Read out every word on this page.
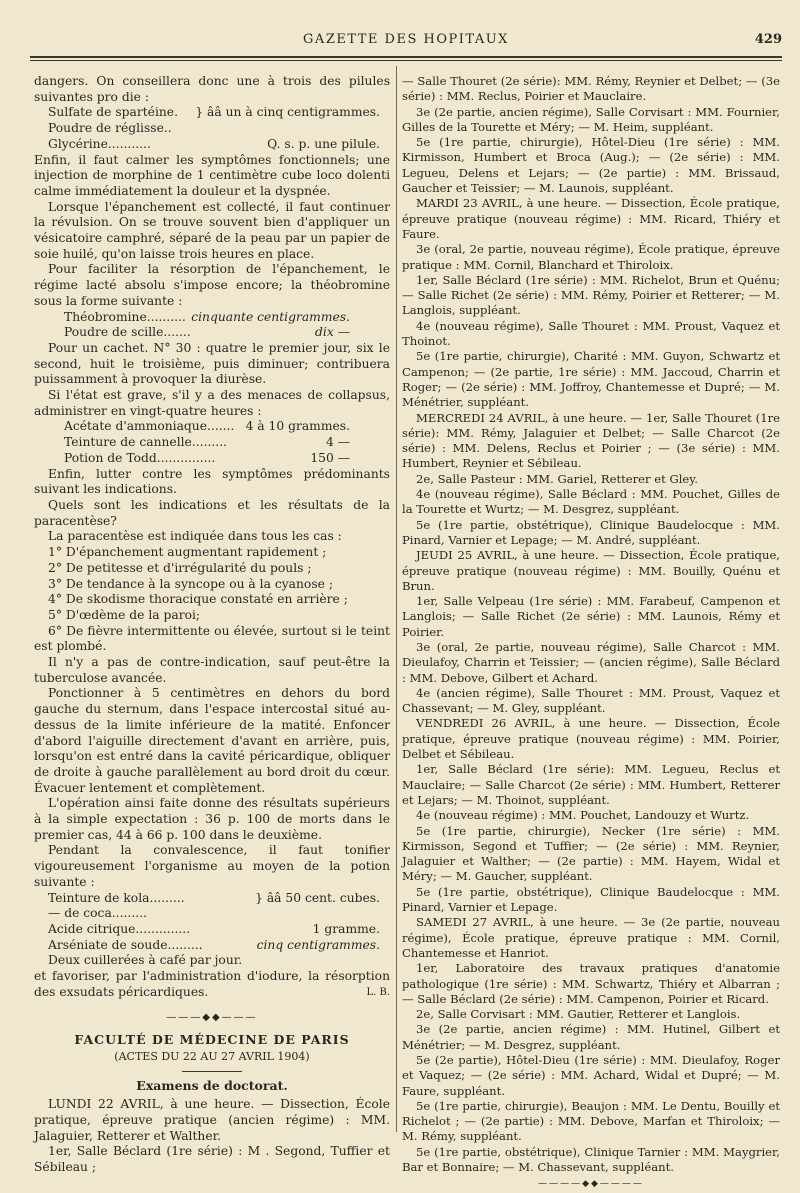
GAZETTE DES HOPITAUX	429

dangers. On conseillera donc une à trois des pilules suivantes pro die :

Sulfate de spartéine. } ââ un à cinq centigrammes.
Poudre de réglisse..
Glycérine...........	Q. s. p. une pilule.

Enfin, il faut calmer les symptômes fonctionnels; une injection de morphine de 1 centimètre cube loco dolenti calme immédiatement la douleur et la dyspnée.

Lorsque l'épanchement est collecté, il faut continuer la révulsion. On se trouve souvent bien d'appliquer un vésicatoire camphré, séparé de la peau par un papier de soie huilé, qu'on laisse trois heures en place.

Pour faciliter la résorption de l'épanchement, le régime lacté absolu s'impose encore; la théobromine sous la forme suivante :

Théobromine.......... cinquante centigrammes.
Poudre de scille.......	dix —

Pour un cachet. N° 30 : quatre le premier jour, six le second, huit le troisième, puis diminuer; contribuera puissamment à provoquer la diurèse.

Si l'état est grave, s'il y a des menaces de collapsus, administrer en vingt-quatre heures :

Acétate d'ammoniaque....... 4 à 10 grammes.
Teinture de cannelle.........	4 —
Potion de Todd...............	150 —

Enfin, lutter contre les symptômes prédominants suivant les indications.

Quels sont les indications et les résultats de la paracentèse?

La paracentèse est indiquée dans tous les cas :

1° D'épanchement augmentant rapidement ;

2° De petitesse et d'irrégularité du pouls ;

3° De tendance à la syncope ou à la cyanose ;

4° De skodisme thoracique constaté en arrière ;

5° D'œdème de la paroi;

6° De fièvre intermittente ou élevée, surtout si le teint est plombé.

Il n'y a pas de contre-indication, sauf peut-être la tuberculose avancée.

Ponctionner à 5 centimètres en dehors du bord gauche du sternum, dans l'espace intercostal situé au-dessus de la limite inférieure de la matité. Enfoncer d'abord l'aiguille directement d'avant en arrière, puis, lorsqu'on est entré dans la cavité péricardique, obliquer de droite à gauche parallèlement au bord droit du cœur. Évacuer lentement et complètement.

L'opération ainsi faite donne des résultats supérieurs à la simple expectation : 36 p. 100 de morts dans le premier cas, 44 à 66 p. 100 dans le deuxième.

Pendant la convalescence, il faut tonifier vigoureusement l'organisme au moyen de la potion suivante :

Teinture de kola.........	} ââ 50 cent. cubes.
— de coca.........
Acide citrique..............	1 gramme.
Arséniate de soude.........	cinq centigrammes.

Deux cuillerées à café par jour.

et favoriser, par l'administration d'iodure, la résorption des exsudats péricardiques.	L. B.

———◆◆———
FACULTÉ DE MÉDECINE DE PARIS
(ACTES DU 22 AU 27 AVRIL 1904)
Examens de doctorat.

LUNDI 22 AVRIL, à une heure. — Dissection, École pratique, épreuve pratique (ancien régime) : MM. Jalaguier, Retterer et Walther.

1er, Salle Béclard (1re série) : M . Segond, Tuffier et Sébileau ;

— Salle Thouret (2e série): MM. Rémy, Reynier et Delbet; — (3e série) : MM. Reclus, Poirier et Mauclaire.

3e (2e partie, ancien régime), Salle Corvisart : MM. Fournier, Gilles de la Tourette et Méry; — M. Heim, suppléant.

5e (1re partie, chirurgie), Hôtel-Dieu (1re série) : MM. Kirmisson, Humbert et Broca (Aug.); — (2e série) : MM. Legueu, Delens et Lejars; — (2e partie) : MM. Brissaud, Gaucher et Teissier; — M. Launois, suppléant.

MARDI 23 AVRIL, à une heure. — Dissection, École pratique, épreuve pratique (nouveau régime) : MM. Ricard, Thiéry et Faure.

3e (oral, 2e partie, nouveau régime), École pratique, épreuve pratique : MM. Cornil, Blanchard et Thiroloix.

1er, Salle Béclard (1re série) : MM. Richelot, Brun et Quénu; — Salle Richet (2e série) : MM. Rémy, Poirier et Retterer; — M. Langlois, suppléant.

4e (nouveau régime), Salle Thouret : MM. Proust, Vaquez et Thoinot.

5e (1re partie, chirurgie), Charité : MM. Guyon, Schwartz et Campenon; — (2e partie, 1re série) : MM. Jaccoud, Charrin et Roger; — (2e série) : MM. Joffroy, Chantemesse et Dupré; — M. Ménétrier, suppléant.

MERCREDI 24 AVRIL, à une heure. — 1er, Salle Thouret (1re série): MM. Rémy, Jalaguier et Delbet; — Salle Charcot (2e série) : MM. Delens, Reclus et Poirier ; — (3e série) : MM. Humbert, Reynier et Sébileau.

2e, Salle Pasteur : MM. Gariel, Retterer et Gley.

4e (nouveau régime), Salle Béclard : MM. Pouchet, Gilles de la Tourette et Wurtz; — M. Desgrez, suppléant.

5e (1re partie, obstétrique), Clinique Baudelocque : MM. Pinard, Varnier et Lepage; — M. André, suppléant.

JEUDI 25 AVRIL, à une heure. — Dissection, École pratique, épreuve pratique (nouveau régime) : MM. Bouilly, Quénu et Brun.

1er, Salle Velpeau (1re série) : MM. Farabeuf, Campenon et Langlois; — Salle Richet (2e série) : MM. Launois, Rémy et Poirier.

3e (oral, 2e partie, nouveau régime), Salle Charcot : MM. Dieulafoy, Charrin et Teissier; — (ancien régime), Salle Béclard : MM. Debove, Gilbert et Achard.

4e (ancien régime), Salle Thouret : MM. Proust, Vaquez et Chassevant; — M. Gley, suppléant.

VENDREDI 26 AVRIL, à une heure. — Dissection, École pratique, épreuve pratique (nouveau régime) : MM. Poirier, Delbet et Sébileau.

1er, Salle Béclard (1re série): MM. Legueu, Reclus et Mauclaire; — Salle Charcot (2e série) : MM. Humbert, Retterer et Lejars; — M. Thoinot, suppléant.

4e (nouveau régime) : MM. Pouchet, Landouzy et Wurtz.

5e (1re partie, chirurgie), Necker (1re série) : MM. Kirmisson, Segond et Tuffier; — (2e série) : MM. Reynier, Jalaguier et Walther; — (2e partie) : MM. Hayem, Widal et Méry; — M. Gaucher, suppléant.

5e (1re partie, obstétrique), Clinique Baudelocque : MM. Pinard, Varnier et Lepage.

SAMEDI 27 AVRIL, à une heure. — 3e (2e partie, nouveau régime), École pratique, épreuve pratique : MM. Cornil, Chantemesse et Hanriot.

1er, Laboratoire des travaux pratiques d'anatomie pathologique (1re série) : MM. Schwartz, Thiéry et Albarran ; — Salle Béclard (2e série) : MM. Campenon, Poirier et Ricard.

2e, Salle Corvisart : MM. Gautier, Retterer et Langlois.

3e (2e partie, ancien régime) : MM. Hutinel, Gilbert et Ménétrier; — M. Desgrez, suppléant.

5e (2e partie), Hôtel-Dieu (1re série) : MM. Dieulafoy, Roger et Vaquez; — (2e série) : MM. Achard, Widal et Dupré; — M. Faure, suppléant.

5e (1re partie, chirurgie), Beaujon : MM. Le Dentu, Bouilly et Richelot ; — (2e partie) : MM. Debove, Marfan et Thiroloix; — M. Rémy, suppléant.

5e (1re partie, obstétrique), Clinique Tarnier : MM. Maygrier, Bar et Bonnaire; — M. Chassevant, suppléant.

————◆◆————
